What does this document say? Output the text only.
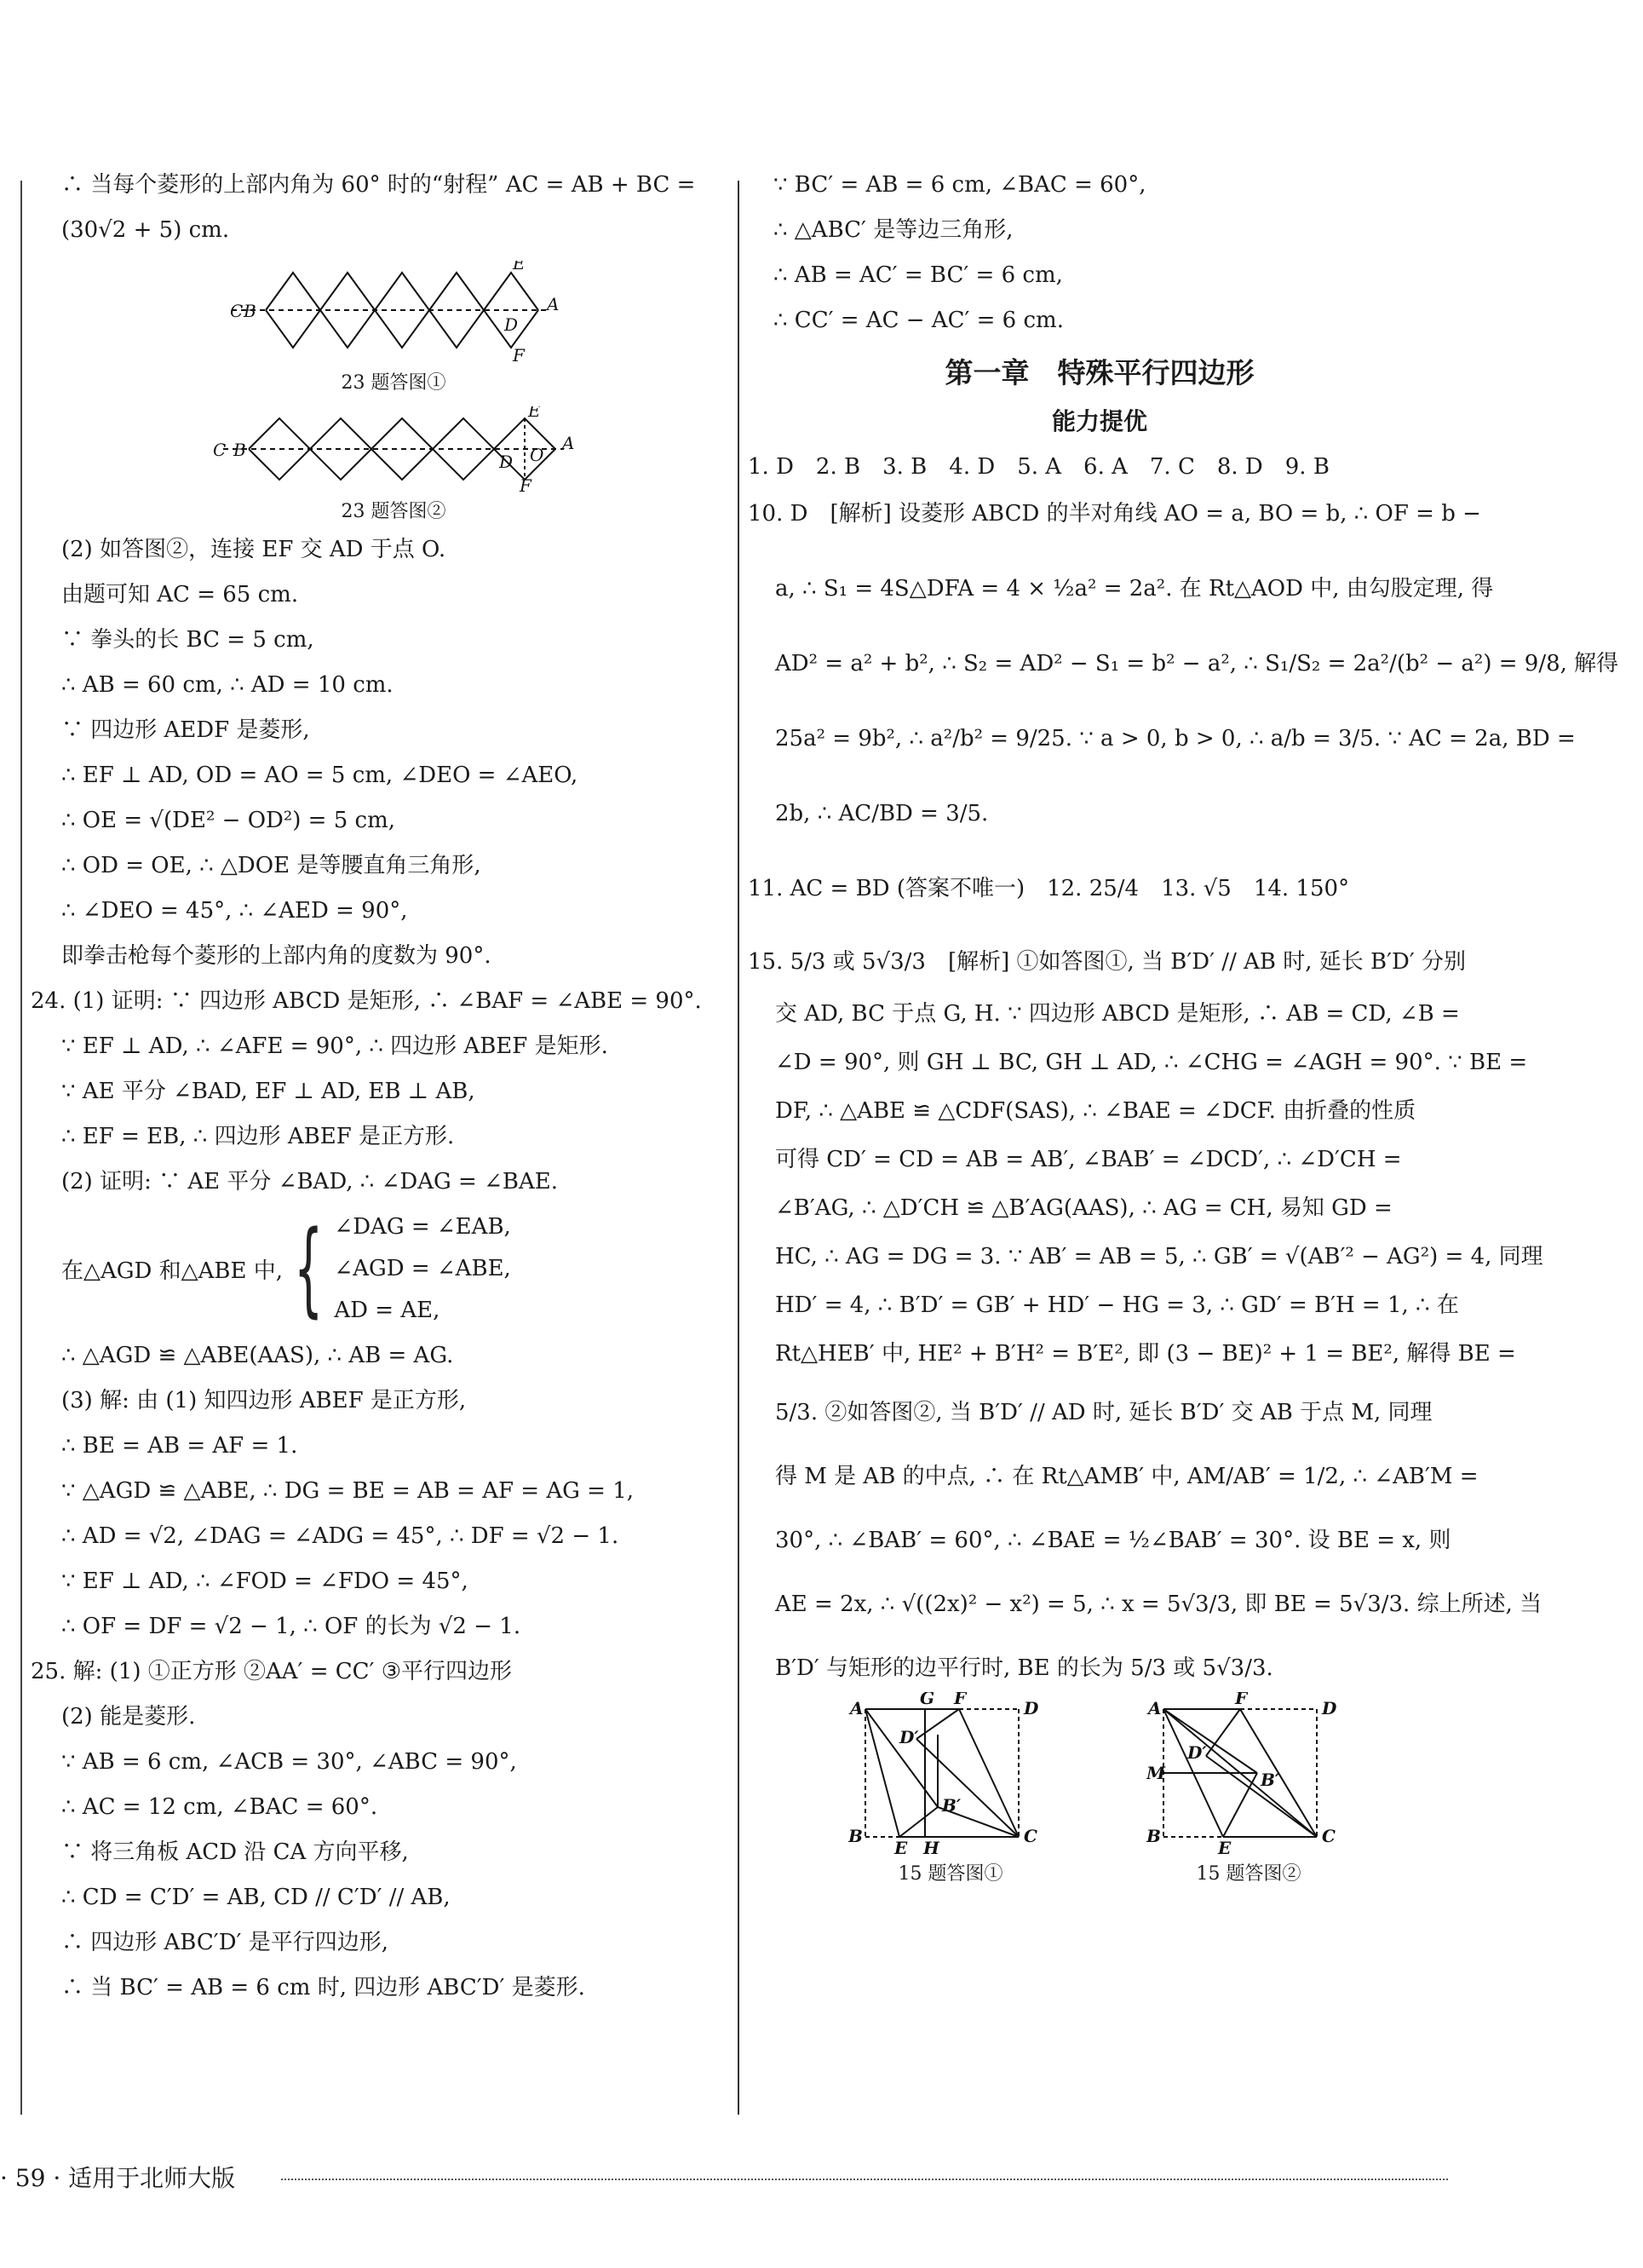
∴ 当每个菱形的上部内角为 60° 时的“射程” AC = AB + BC =
(30√2 + 5) cm.
C B	A
E
D
F
23 题答图①
C B	A
E
D O
F
23 题答图②
(2) 如答图②，连接 EF 交 AD 于点 O.
由题可知 AC = 65 cm.
∵ 拳头的长 BC = 5 cm,
∴ AB = 60 cm, ∴ AD = 10 cm.
∵ 四边形 AEDF 是菱形,
∴ EF ⊥ AD, OD = AO = 5 cm, ∠DEO = ∠AEO,
∴ OE = √(DE² − OD²) = 5 cm,
∴ OD = OE, ∴ △DOE 是等腰直角三角形,
∴ ∠DEO = 45°, ∴ ∠AED = 90°,
即拳击枪每个菱形的上部内角的度数为 90°.
24. (1) 证明: ∵ 四边形 ABCD 是矩形, ∴ ∠BAF = ∠ABE = 90°.
∵ EF ⊥ AD, ∴ ∠AFE = 90°, ∴ 四边形 ABEF 是矩形.
∵ AE 平分 ∠BAD, EF ⊥ AD, EB ⊥ AB,
∴ EF = EB, ∴ 四边形 ABEF 是正方形.
(2) 证明: ∵ AE 平分 ∠BAD, ∴ ∠DAG = ∠BAE.
在△AGD 和△ABE 中, { ∠DAG = ∠EAB,
∠AGD = ∠ABE,
AD = AE,
∴ △AGD ≌ △ABE(AAS), ∴ AB = AG.
(3) 解: 由 (1) 知四边形 ABEF 是正方形,
∴ BE = AB = AF = 1.
∵ △AGD ≌ △ABE, ∴ DG = BE = AB = AF = AG = 1,
∴ AD = √2, ∠DAG = ∠ADG = 45°, ∴ DF = √2 − 1.
∵ EF ⊥ AD, ∴ ∠FOD = ∠FDO = 45°,
∴ OF = DF = √2 − 1, ∴ OF 的长为 √2 − 1.
25. 解: (1) ①正方形 ②AA′ = CC′ ③平行四边形
(2) 能是菱形.
∵ AB = 6 cm, ∠ACB = 30°, ∠ABC = 90°,
∴ AC = 12 cm, ∠BAC = 60°.
∵ 将三角板 ACD 沿 CA 方向平移,
∴ CD = C′D′ = AB, CD // C′D′ // AB,
∴ 四边形 ABC′D′ 是平行四边形,
∴ 当 BC′ = AB = 6 cm 时, 四边形 ABC′D′ 是菱形.
∵ BC′ = AB = 6 cm, ∠BAC = 60°,
∴ △ABC′ 是等边三角形,
∴ AB = AC′ = BC′ = 6 cm,
∴ CC′ = AC − AC′ = 6 cm.
第一章　特殊平行四边形
能力提优
1. D　2. B　3. B　4. D　5. A　6. A　7. C　8. D　9. B
10. D　[解析] 设菱形 ABCD 的半对角线 AO = a, BO = b, ∴ OF = b −
a, ∴ S₁ = 4S△DFA = 4 × ½a² = 2a². 在 Rt△AOD 中, 由勾股定理, 得
AD² = a² + b², ∴ S₂ = AD² − S₁ = b² − a², ∴ S₁/S₂ = 2a²/(b² − a²) = 9/8, 解得
25a² = 9b², ∴ a²/b² = 9/25. ∵ a > 0, b > 0, ∴ a/b = 3/5. ∵ AC = 2a, BD =
2b, ∴ AC/BD = 3/5.
11. AC = BD (答案不唯一)　12. 25/4　13. √5　14. 150°
15. 5/3 或 5√3/3　[解析] ①如答图①, 当 B′D′ // AB 时, 延长 B′D′ 分别
交 AD, BC 于点 G, H. ∵ 四边形 ABCD 是矩形, ∴ AB = CD, ∠B =
∠D = 90°, 则 GH ⊥ BC, GH ⊥ AD, ∴ ∠CHG = ∠AGH = 90°. ∵ BE =
DF, ∴ △ABE ≌ △CDF(SAS), ∴ ∠BAE = ∠DCF. 由折叠的性质
可得 CD′ = CD = AB = AB′, ∠BAB′ = ∠DCD′, ∴ ∠D′CH =
∠B′AG, ∴ △D′CH ≌ △B′AG(AAS), ∴ AG = CH, 易知 GD =
HC, ∴ AG = DG = 3. ∵ AB′ = AB = 5, ∴ GB′ = √(AB′² − AG²) = 4, 同理
HD′ = 4, ∴ B′D′ = GB′ + HD′ − HG = 3, ∴ GD′ = B′H = 1, ∴ 在
Rt△HEB′ 中, HE² + B′H² = B′E², 即 (3 − BE)² + 1 = BE², 解得 BE =
5/3. ②如答图②, 当 B′D′ // AD 时, 延长 B′D′ 交 AB 于点 M, 同理
得 M 是 AB 的中点, ∴ 在 Rt△AMB′ 中, AM/AB′ = 1/2, ∴ ∠AB′M =
30°, ∴ ∠BAB′ = 60°, ∴ ∠BAE = ½∠BAB′ = 30°. 设 BE = x, 则
AE = 2x, ∴ √((2x)² − x²) = 5, ∴ x = 5√3/3, 即 BE = 5√3/3. 综上所述, 当
B′D′ 与矩形的边平行时, BE 的长为 5/3 或 5√3/3.
A	G F	D
D′
B′
B
E H
C
15 题答图①
A	F	D
D′
M	B′
B
E
C
15 题答图②
· 59 · 适用于北师大版
